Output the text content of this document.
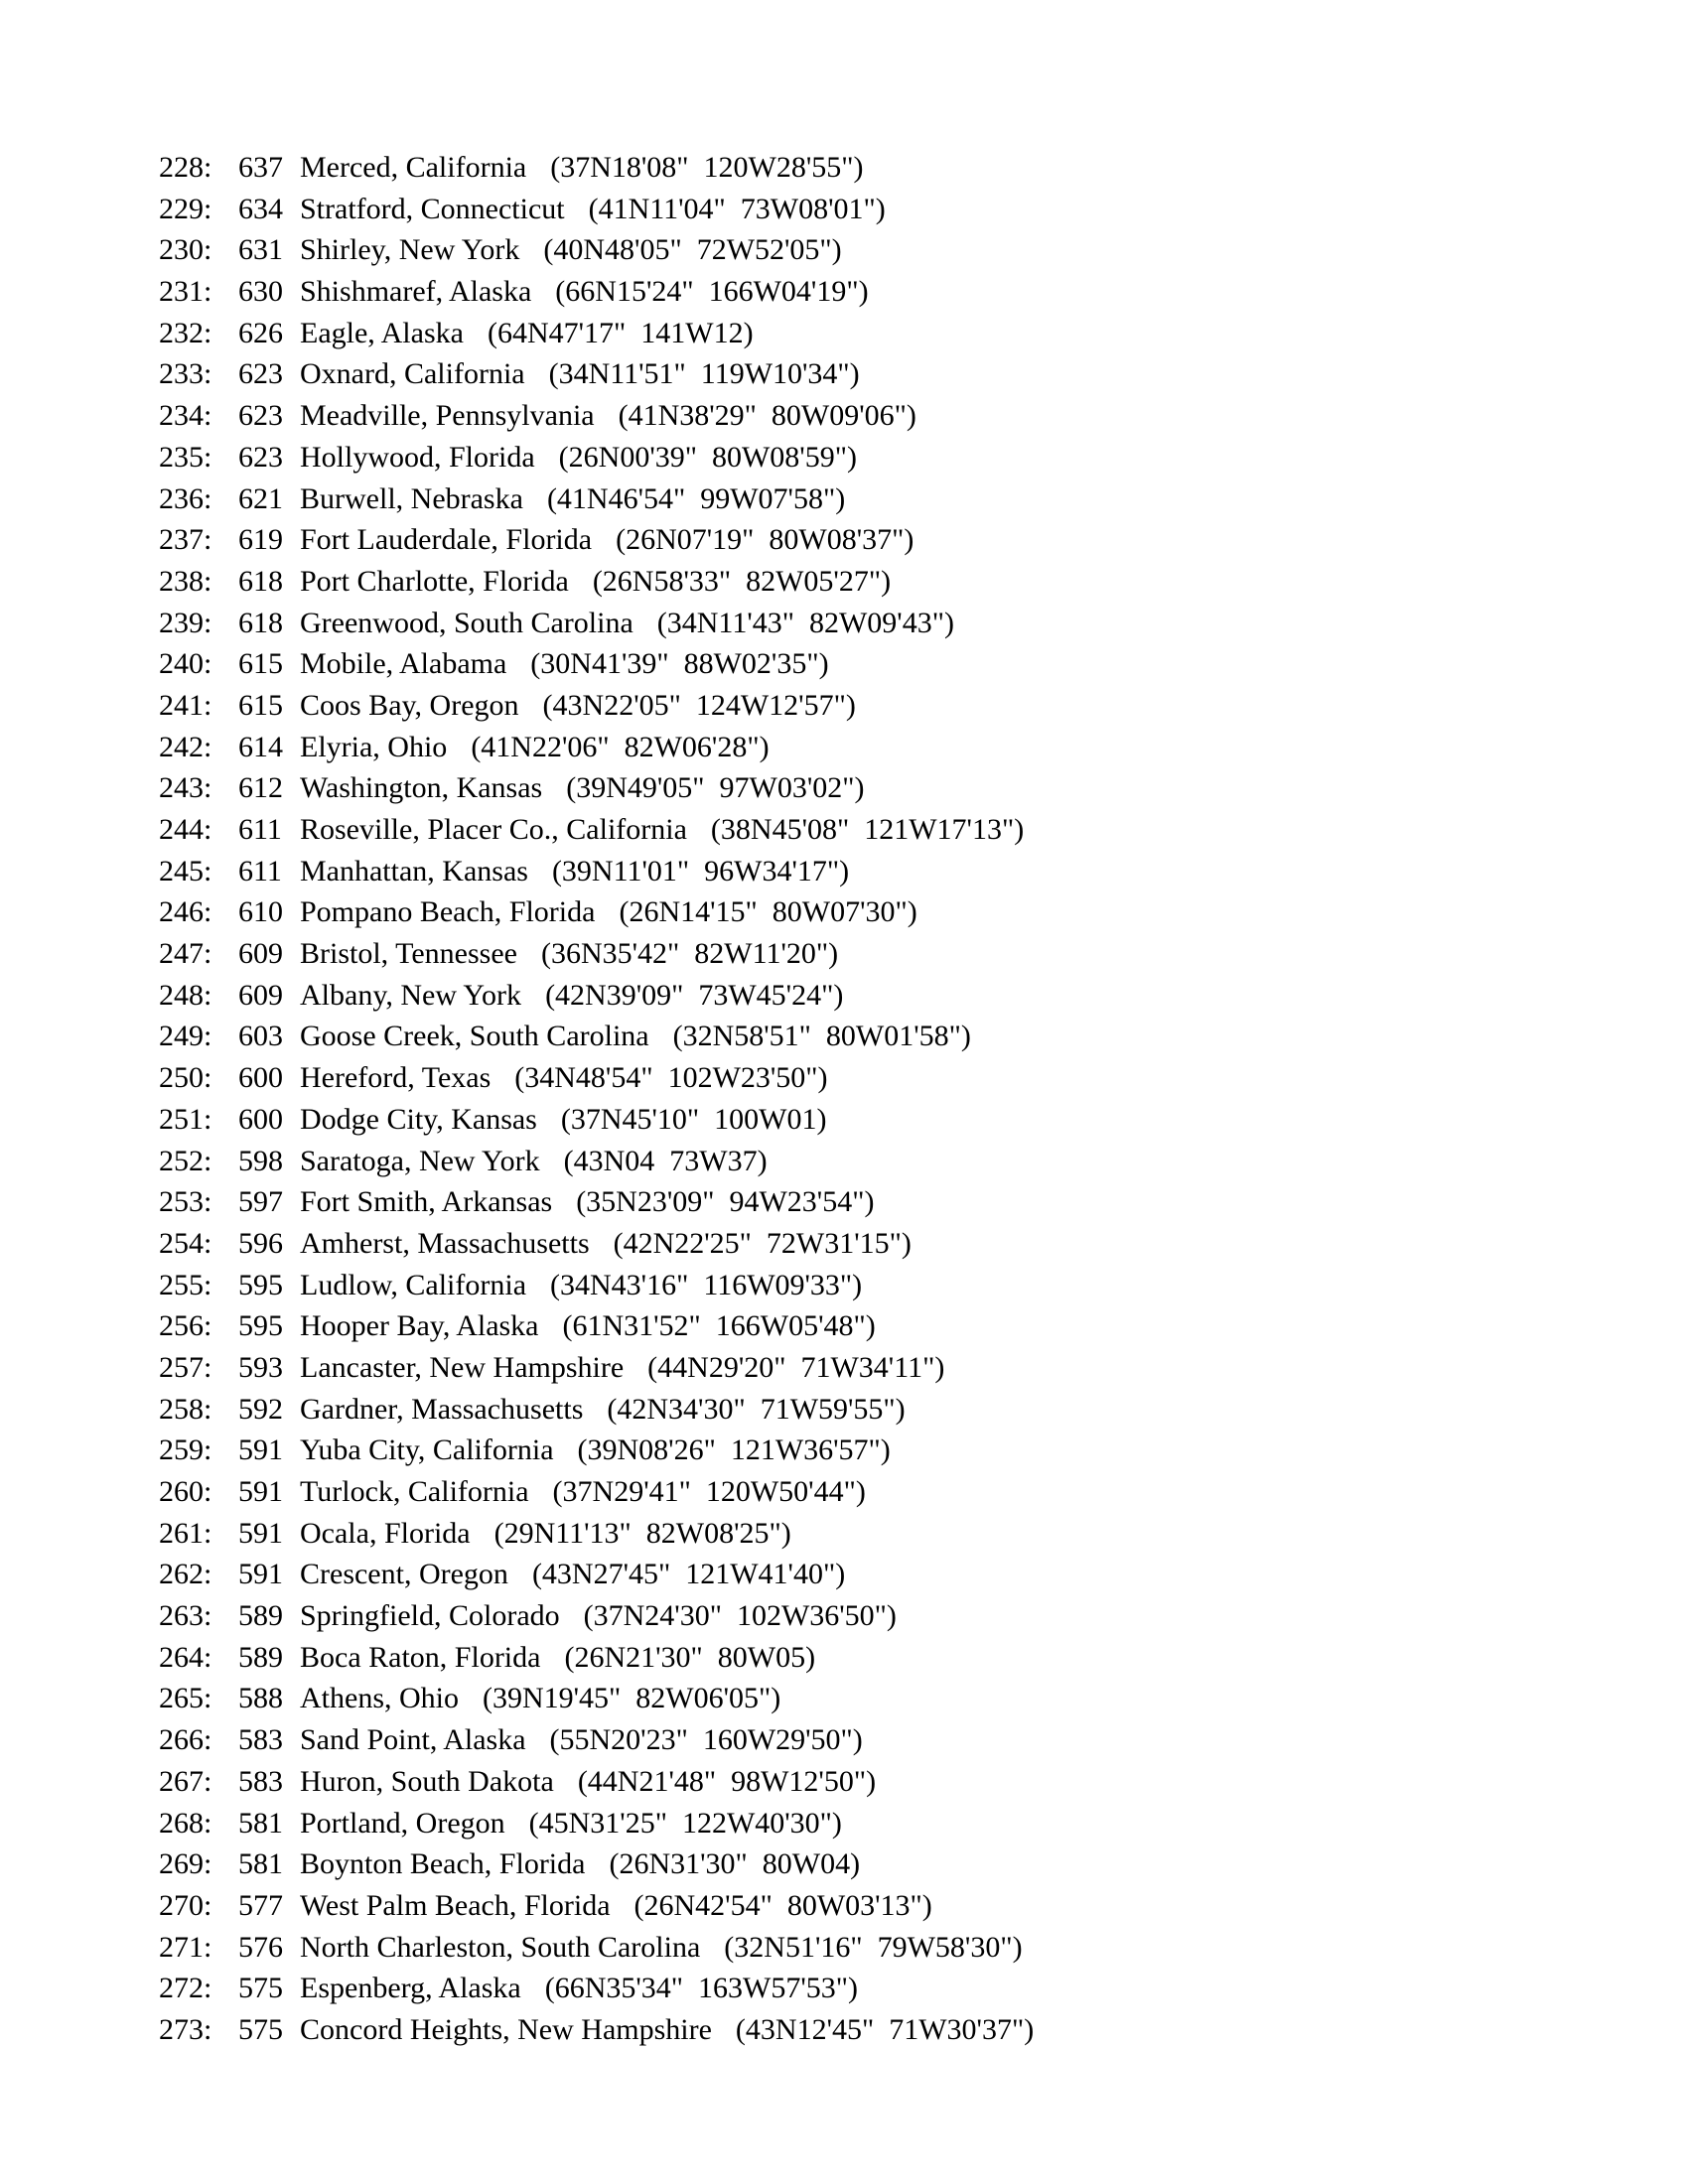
228: 637 Merced, California (37N18'08"  120W28'55")
229: 634 Stratford, Connecticut (41N11'04"  73W08'01")
230: 631 Shirley, New York (40N48'05"  72W52'05")
231: 630 Shishmaref, Alaska (66N15'24"  166W04'19")
232: 626 Eagle, Alaska (64N47'17"  141W12)
233: 623 Oxnard, California (34N11'51"  119W10'34")
234: 623 Meadville, Pennsylvania (41N38'29"  80W09'06")
235: 623 Hollywood, Florida (26N00'39"  80W08'59")
236: 621 Burwell, Nebraska (41N46'54"  99W07'58")
237: 619 Fort Lauderdale, Florida (26N07'19"  80W08'37")
238: 618 Port Charlotte, Florida (26N58'33"  82W05'27")
239: 618 Greenwood, South Carolina (34N11'43"  82W09'43")
240: 615 Mobile, Alabama (30N41'39"  88W02'35")
241: 615 Coos Bay, Oregon (43N22'05"  124W12'57")
242: 614 Elyria, Ohio (41N22'06"  82W06'28")
243: 612 Washington, Kansas (39N49'05"  97W03'02")
244: 611 Roseville, Placer Co., California (38N45'08"  121W17'13")
245: 611 Manhattan, Kansas (39N11'01"  96W34'17")
246: 610 Pompano Beach, Florida (26N14'15"  80W07'30")
247: 609 Bristol, Tennessee (36N35'42"  82W11'20")
248: 609 Albany, New York (42N39'09"  73W45'24")
249: 603 Goose Creek, South Carolina (32N58'51"  80W01'58")
250: 600 Hereford, Texas (34N48'54"  102W23'50")
251: 600 Dodge City, Kansas (37N45'10"  100W01)
252: 598 Saratoga, New York (43N04  73W37)
253: 597 Fort Smith, Arkansas (35N23'09"  94W23'54")
254: 596 Amherst, Massachusetts (42N22'25"  72W31'15")
255: 595 Ludlow, California (34N43'16"  116W09'33")
256: 595 Hooper Bay, Alaska (61N31'52"  166W05'48")
257: 593 Lancaster, New Hampshire (44N29'20"  71W34'11")
258: 592 Gardner, Massachusetts (42N34'30"  71W59'55")
259: 591 Yuba City, California (39N08'26"  121W36'57")
260: 591 Turlock, California (37N29'41"  120W50'44")
261: 591 Ocala, Florida (29N11'13"  82W08'25")
262: 591 Crescent, Oregon (43N27'45"  121W41'40")
263: 589 Springfield, Colorado (37N24'30"  102W36'50")
264: 589 Boca Raton, Florida (26N21'30"  80W05)
265: 588 Athens, Ohio (39N19'45"  82W06'05")
266: 583 Sand Point, Alaska (55N20'23"  160W29'50")
267: 583 Huron, South Dakota (44N21'48"  98W12'50")
268: 581 Portland, Oregon (45N31'25"  122W40'30")
269: 581 Boynton Beach, Florida (26N31'30"  80W04)
270: 577 West Palm Beach, Florida (26N42'54"  80W03'13")
271: 576 North Charleston, South Carolina (32N51'16"  79W58'30")
272: 575 Espenberg, Alaska (66N35'34"  163W57'53")
273: 575 Concord Heights, New Hampshire (43N12'45"  71W30'37")
